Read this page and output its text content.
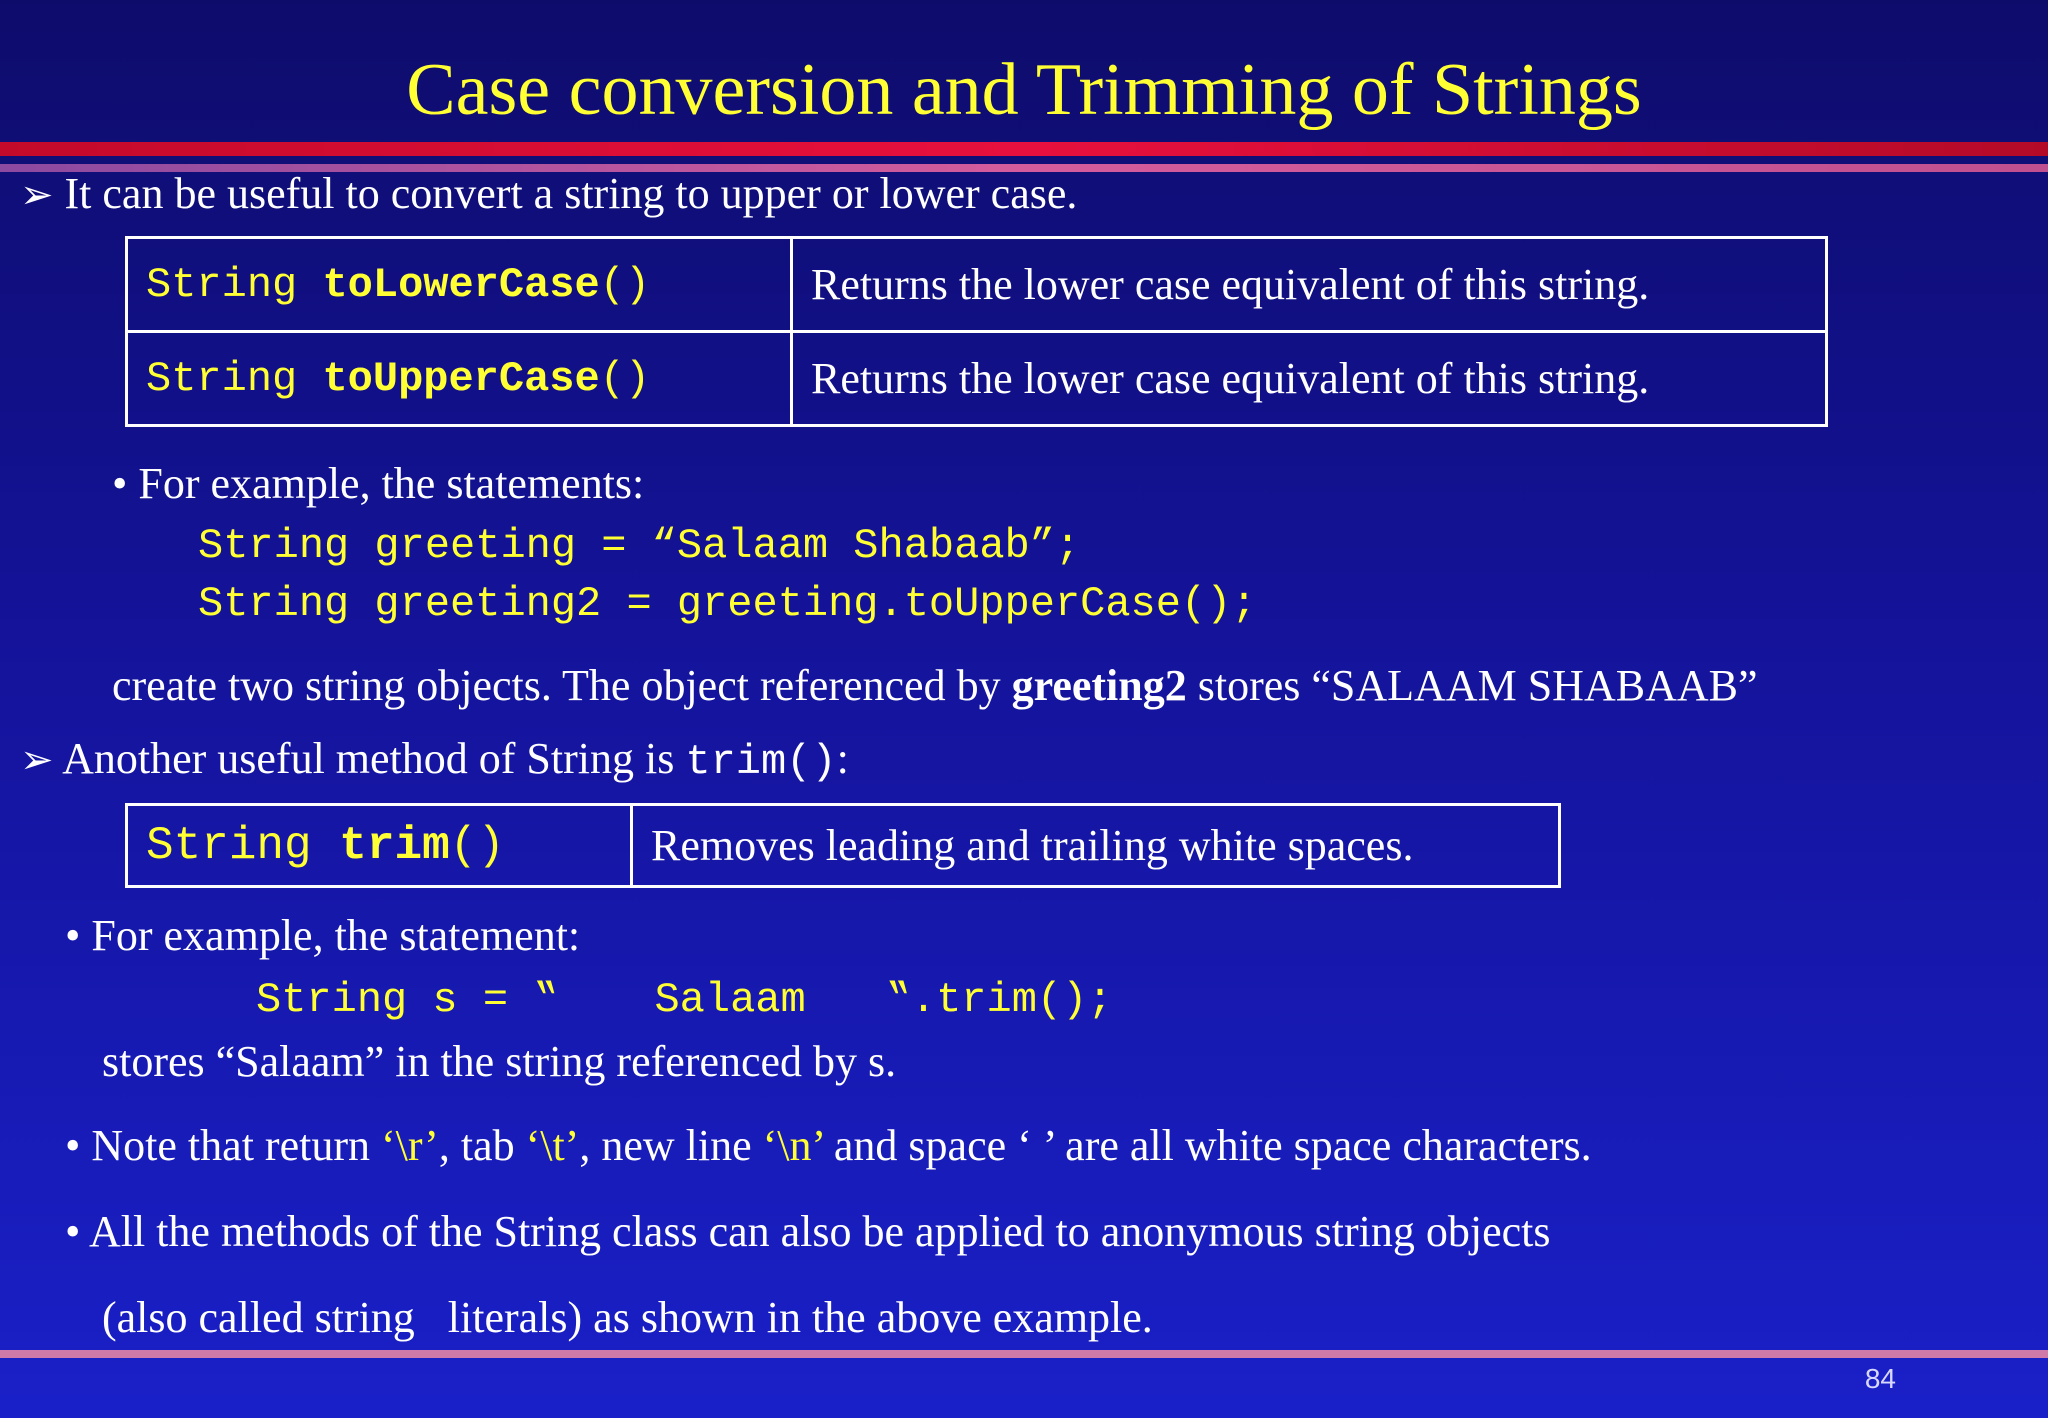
Case conversion and Trimming of Strings
➢ It can be useful to convert a string to upper or lower case.
String toLowerCase()	Returns the lower case equivalent of this string.
String toUpperCase()	Returns the lower case equivalent of this string.
• For example, the statements:
String greeting = “Salaam Shabaab”;
String greeting2 = greeting.toUpperCase();
create two string objects. The object referenced by greeting2 stores “SALAAM SHABAAB”
➢ Another useful method of String is trim():
String trim()	Removes leading and trailing white spaces.
• For example, the statement:
String s = ‟ Salaam ‟.trim();
stores “Salaam” in the string referenced by s.
• Note that return ‘\r’, tab ‘\t’, new line ‘\n’ and space ‘ ’ are all white space characters.
• All the methods of the String class can also be applied to anonymous string objects
(also called string   literals) as shown in the above example.
84
